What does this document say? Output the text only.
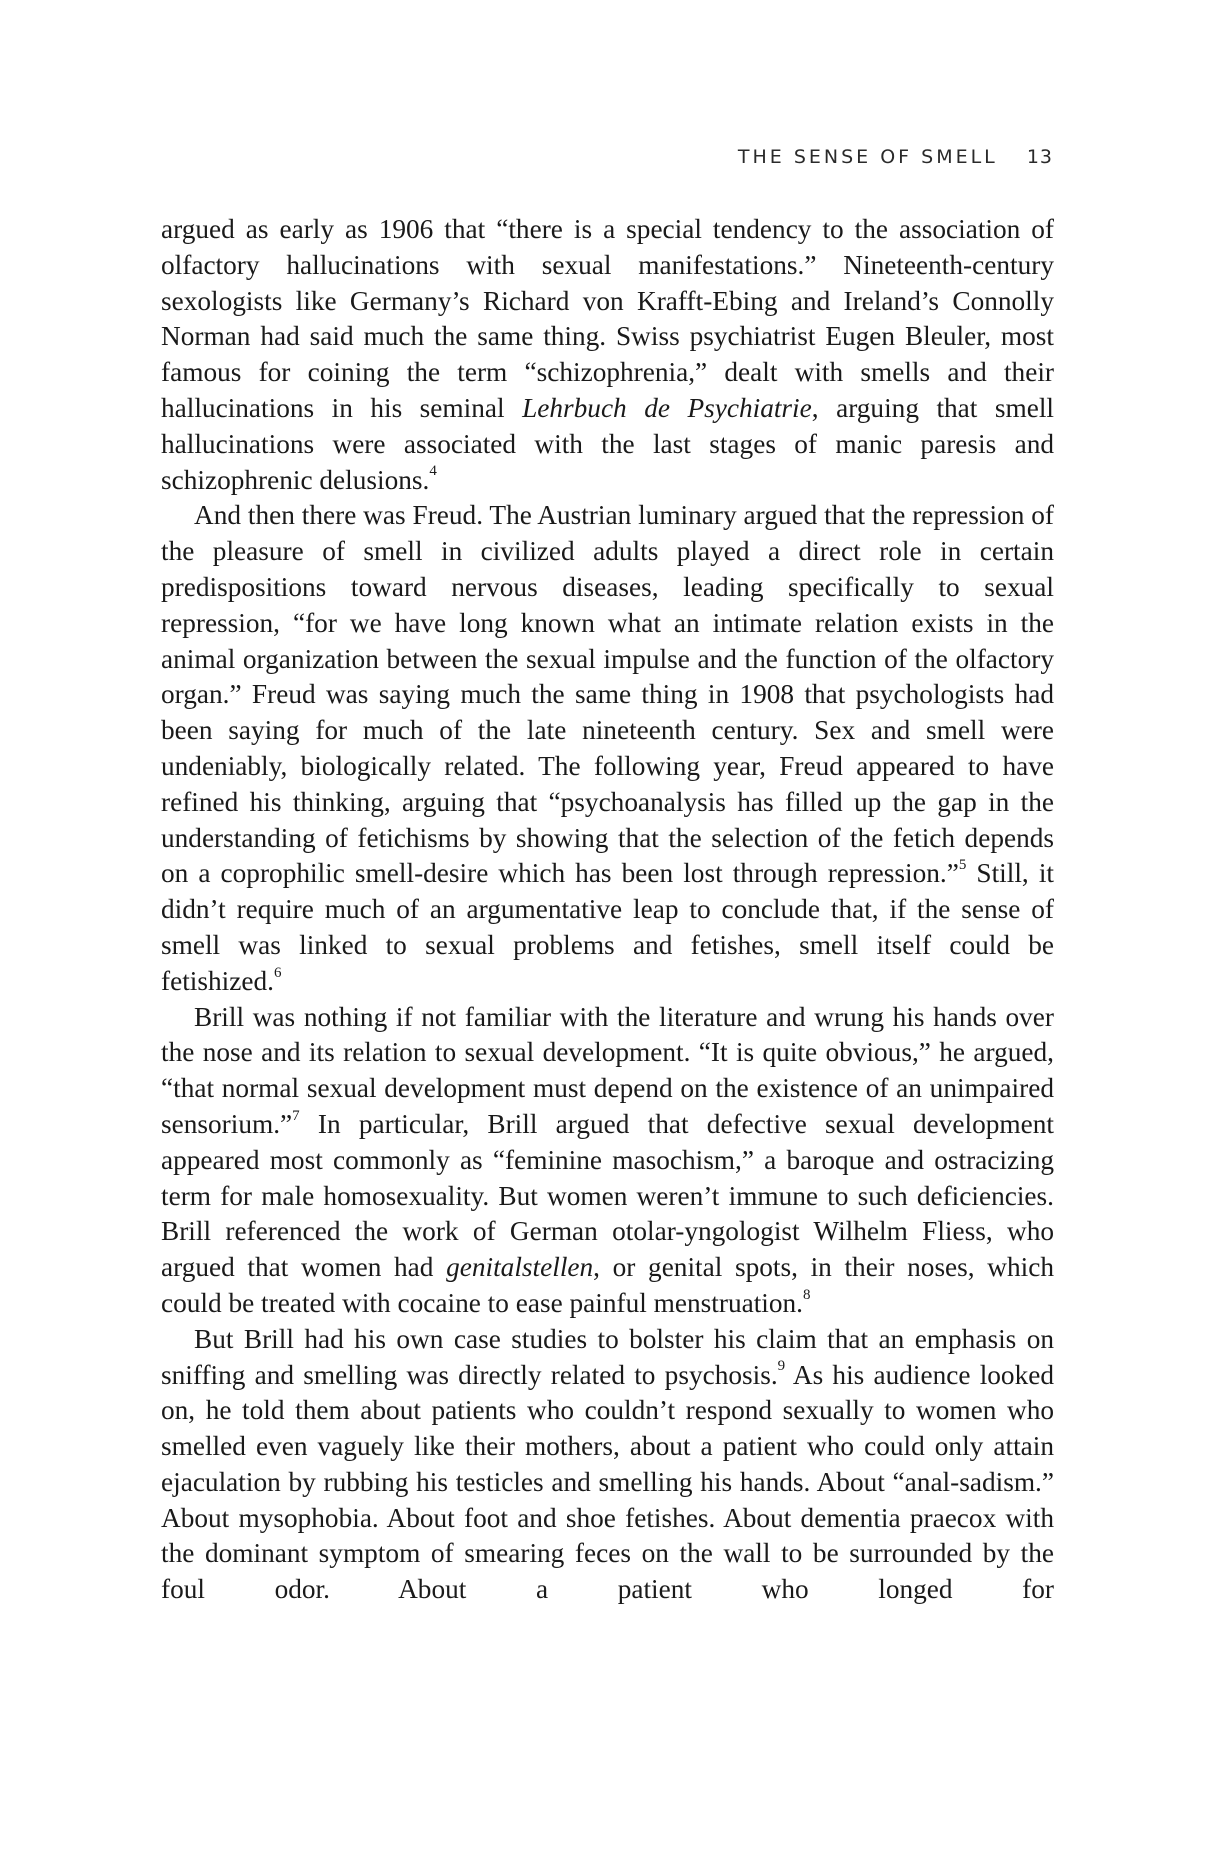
THE SENSE OF SMELL 13

argued as early as 1906 that “there is a special tendency to the association of olfactory hallucinations with sexual manifestations.” Nineteenth-century sexologists like Germany’s Richard von Krafft-Ebing and Ireland’s Connolly Norman had said much the same thing. Swiss psychiatrist Eugen Bleuler, most famous for coining the term “schizophrenia,” dealt with smells and their hallucinations in his seminal Lehrbuch de Psychiatrie, arguing that smell hallucinations were associated with the last stages of manic paresis and schizophrenic delusions.$^4$

And then there was Freud. The Austrian luminary argued that the repression of the pleasure of smell in civilized adults played a direct role in certain predispositions toward nervous diseases, leading specifically to sexual repression, “for we have long known what an intimate relation exists in the animal organization between the sexual impulse and the function of the olfactory organ.” Freud was saying much the same thing in 1908 that psychologists had been saying for much of the late nineteenth century. Sex and smell were undeniably, biologically related. The following year, Freud appeared to have refined his thinking, arguing that “psychoanalysis has filled up the gap in the understanding of fetichisms by showing that the selection of the fetich depends on a coprophilic smell-desire which has been lost through repression.”$^5$ Still, it didn’t require much of an argumentative leap to conclude that, if the sense of smell was linked to sexual problems and fetishes, smell itself could be fetishized.$^6$

Brill was nothing if not familiar with the literature and wrung his hands over the nose and its relation to sexual development. “It is quite obvious,” he argued, “that normal sexual development must depend on the existence of an unimpaired sensorium.”$^7$ In particular, Brill argued that defective sexual development appeared most commonly as “feminine masochism,” a baroque and ostracizing term for male homosexuality. But women weren’t immune to such deficiencies. Brill referenced the work of German otolar-yngologist Wilhelm Fliess, who argued that women had genitalstellen, or genital spots, in their noses, which could be treated with cocaine to ease painful menstruation.$^8$

But Brill had his own case studies to bolster his claim that an emphasis on sniffing and smelling was directly related to psychosis.$^9$ As his audience looked on, he told them about patients who couldn’t respond sexually to women who smelled even vaguely like their mothers, about a patient who could only attain ejaculation by rubbing his testicles and smelling his hands. About “anal-sadism.” About mysophobia. About foot and shoe fetishes. About dementia praecox with the dominant symptom of smearing feces on the wall to be surrounded by the foul odor. About a patient who longed for
